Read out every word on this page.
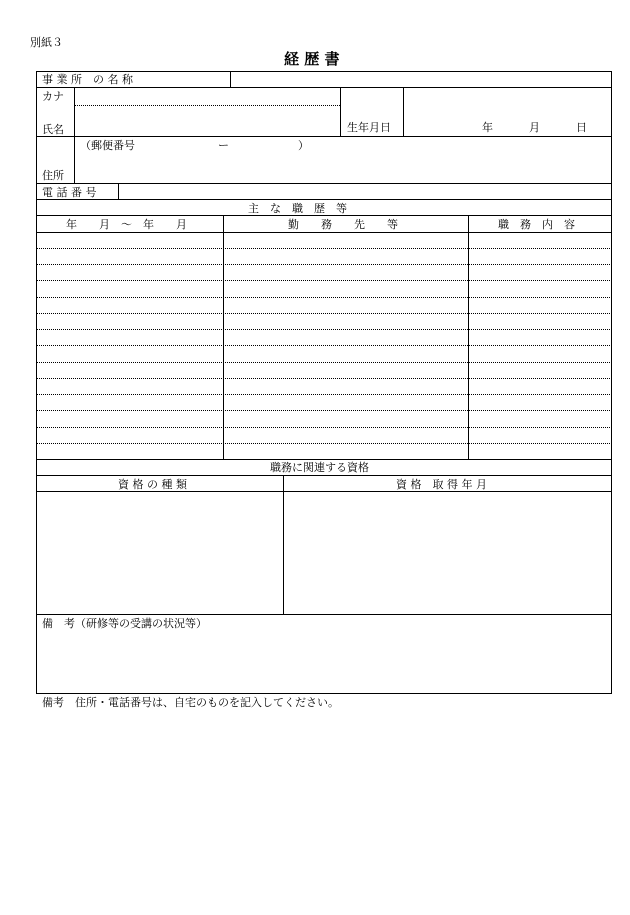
別紙３
経 歴 書
事 業 所　の 名 称
カナ
氏名	生年月日	年	月	日
（郵便番号	ー	）
住所
電 話 番 号
主　な　職　歴　等
年　　月　～　年　　月	勤　　務　　先　　等	職　務　内　容
職務に関連する資格
資 格 の 種 類	資 格　取 得 年 月
備　考（研修等の受講の状況等）
備考　住所・電話番号は、自宅のものを記入してください。
